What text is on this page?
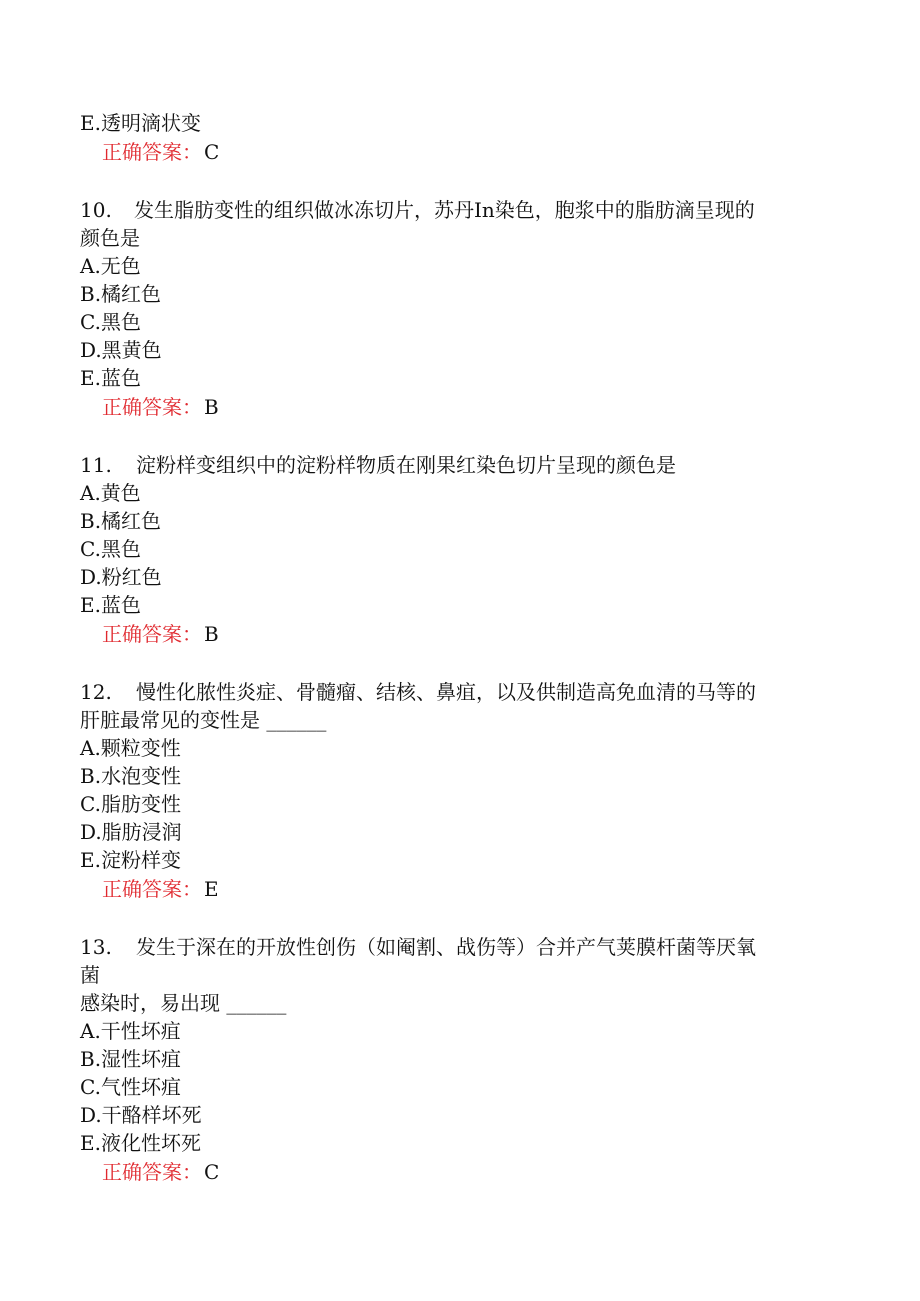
E.透明滴状变
正确答案： C
10. 发生脂肪变性的组织做冰冻切片，苏丹In染色，胞浆中的脂肪滴呈现的
颜色是
A.无色
B.橘红色
C.黑色
D.黑黄色
E.蓝色
正确答案： B
11. 淀粉样变组织中的淀粉样物质在刚果红染色切片呈现的颜色是
A.黄色
B.橘红色
C.黑色
D.粉红色
E.蓝色
正确答案： B
12. 慢性化脓性炎症、骨髓瘤、结核、鼻疽，以及供制造高免血清的马等的
肝脏最常见的变性是 ______
A.颗粒变性
B.水泡变性
C.脂肪变性
D.脂肪浸润
E.淀粉样变
正确答案： E
13. 发生于深在的开放性创伤（如阉割、战伤等）合并产气荚膜杆菌等厌氧
菌
感染时，易出现 ______
A.干性坏疽
B.湿性坏疽
C.气性坏疽
D.干酪样坏死
E.液化性坏死
正确答案： C
